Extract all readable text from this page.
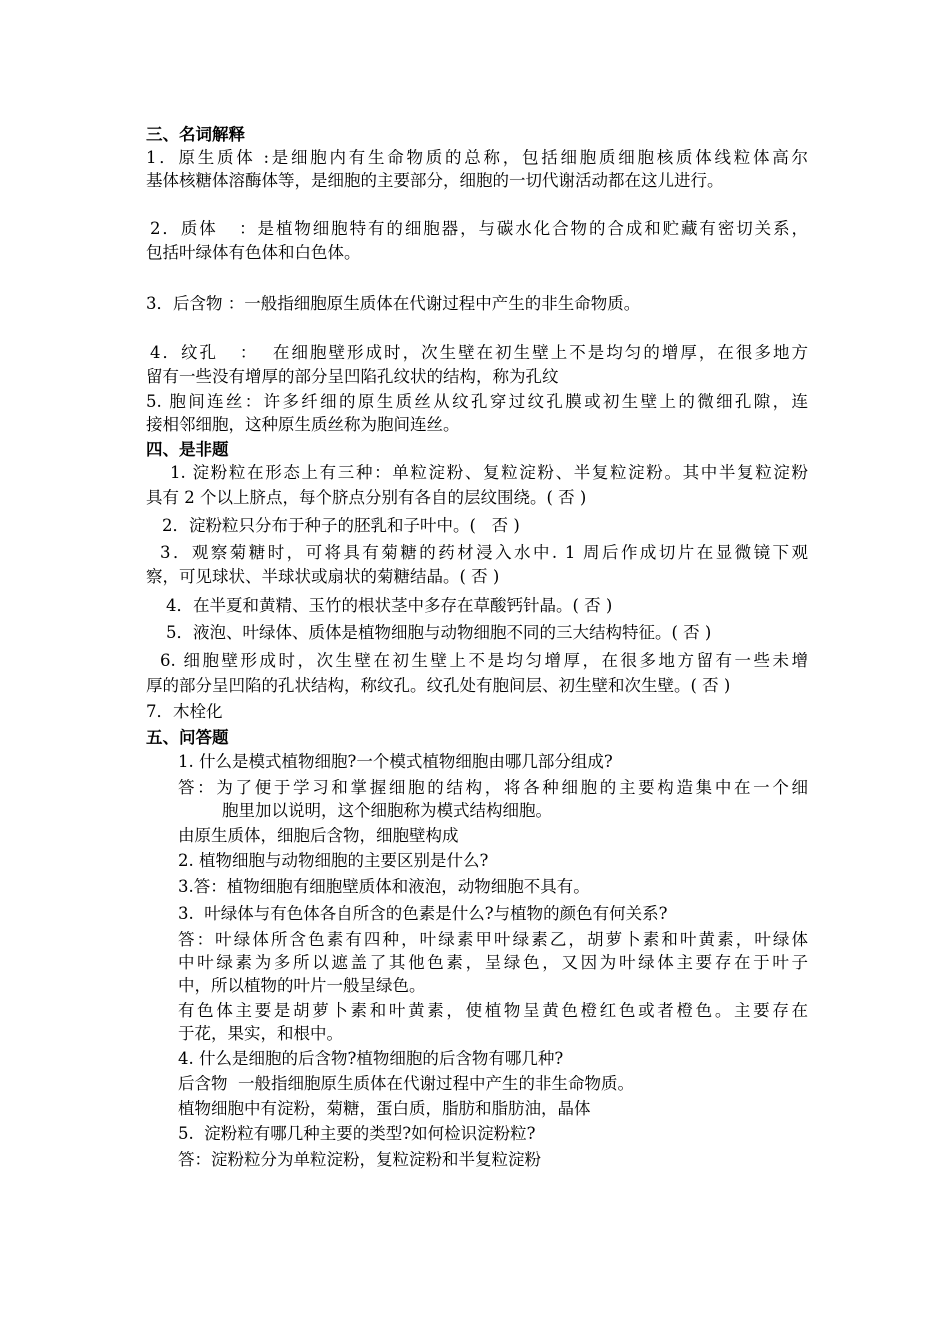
三、名词解释
1．原生质体 :是细胞内有生命物质的总称，包括细胞质细胞核质体线粒体高尔
基体核糖体溶酶体等，是细胞的主要部分，细胞的一切代谢活动都在这儿进行。
2．质体   ：是植物细胞特有的细胞器，与碳水化合物的合成和贮藏有密切关系，
包括叶绿体有色体和白色体。
3．后含物 ：一般指细胞原生质体在代谢过程中产生的非生命物质。
4．纹孔   ：  在细胞壁形成时，次生壁在初生壁上不是均匀的增厚，在很多地方
留有一些没有增厚的部分呈凹陷孔纹状的结构，称为孔纹
5. 胞间连丝：许多纤细的原生质丝从纹孔穿过纹孔膜或初生壁上的微细孔隙，连
接相邻细胞，这种原生质丝称为胞间连丝。
四、是非题
1. 淀粉粒在形态上有三种：单粒淀粉、复粒淀粉、半复粒淀粉。其中半复粒淀粉
具有 2 个以上脐点，每个脐点分别有各自的层纹围绕。( 否 )
2．淀粉粒只分布于种子的胚乳和子叶中。(   否 )
3．观察菊糖时，可将具有菊糖的药材浸入水中. 1 周后作成切片在显微镜下观
察，可见球状、半球状或扇状的菊糖结晶。( 否 )
4．在半夏和黄精、玉竹的根状茎中多存在草酸钙针晶。( 否 )
5．液泡、叶绿体、质体是植物细胞与动物细胞不同的三大结构特征。( 否 )
6. 细胞壁形成时，次生壁在初生壁上不是均匀增厚，在很多地方留有一些未增
厚的部分呈凹陷的孔状结构，称纹孔。纹孔处有胞间层、初生壁和次生壁。( 否 )
7．木栓化
五、问答题
1. 什么是模式植物细胞?一个模式植物细胞由哪几部分组成?
答：为了便于学习和掌握细胞的结构，将各种细胞的主要构造集中在一个细
胞里加以说明，这个细胞称为模式结构细胞。
由原生质体，细胞后含物，细胞壁构成
2. 植物细胞与动物细胞的主要区别是什么?
3.答：植物细胞有细胞壁质体和液泡，动物细胞不具有。
3.  叶绿体与有色体各自所含的色素是什么?与植物的颜色有何关系?
答：叶绿体所含色素有四种，叶绿素甲叶绿素乙，胡萝卜素和叶黄素，叶绿体
中叶绿素为多所以遮盖了其他色素，呈绿色，又因为叶绿体主要存在于叶子
中，所以植物的叶片一般呈绿色。
有色体主要是胡萝卜素和叶黄素，使植物呈黄色橙红色或者橙色。主要存在
于花，果实，和根中。
4. 什么是细胞的后含物?植物细胞的后含物有哪几种?
后含物  一般指细胞原生质体在代谢过程中产生的非生命物质。
植物细胞中有淀粉，菊糖，蛋白质，脂肪和脂肪油，晶体
5.  淀粉粒有哪几种主要的类型?如何检识淀粉粒?
答：淀粉粒分为单粒淀粉，复粒淀粉和半复粒淀粉
